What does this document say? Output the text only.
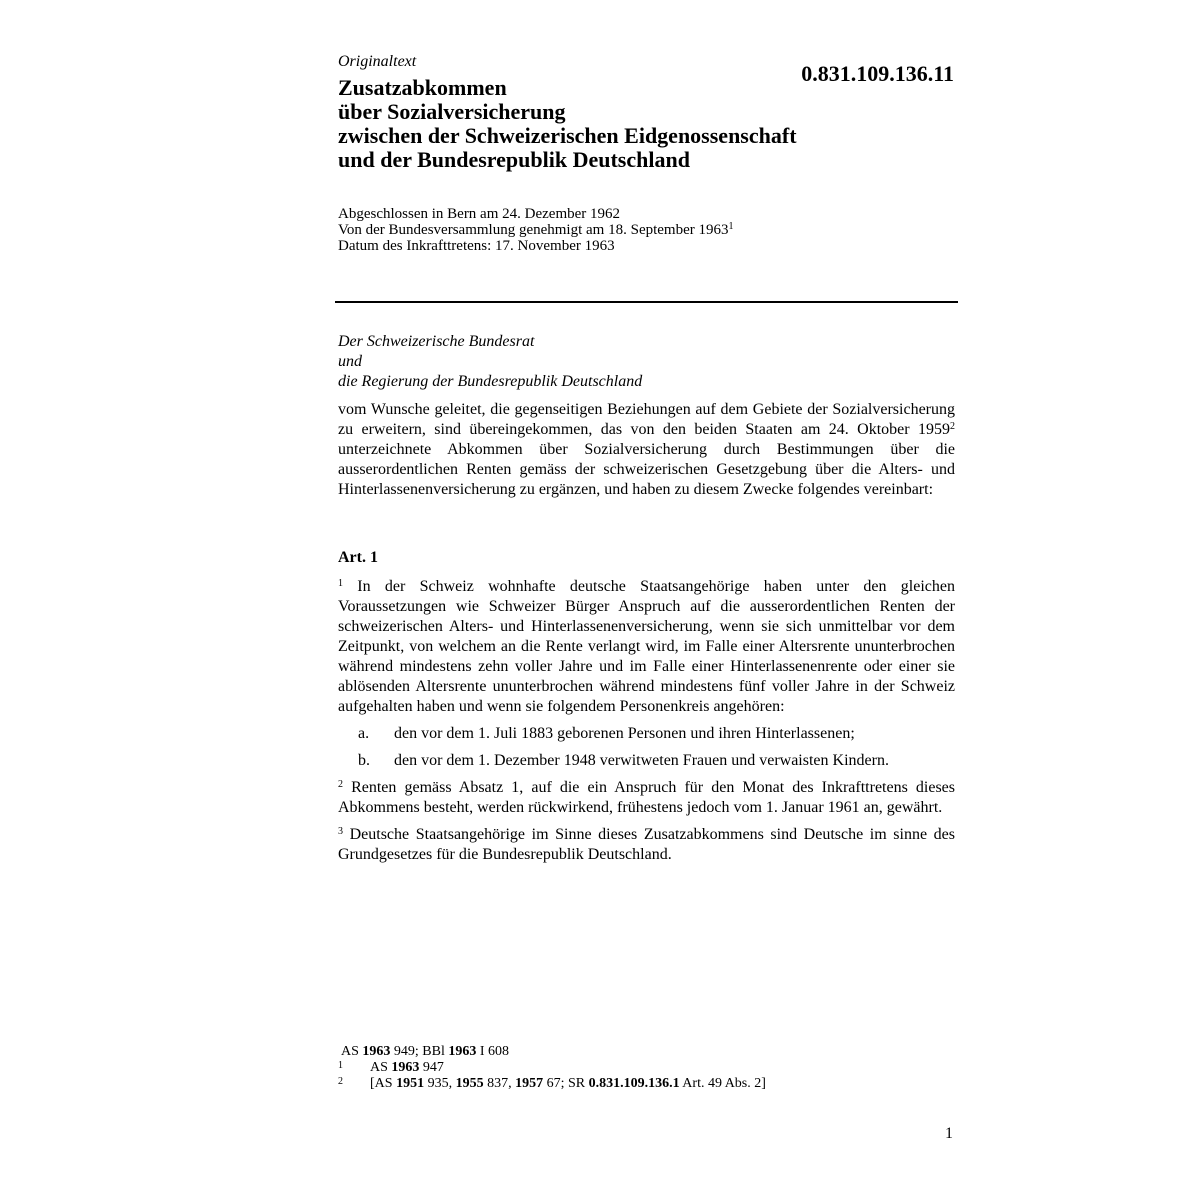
Originaltext	0.831.109.136.11
Zusatzabkommen
über Sozialversicherung
zwischen der Schweizerischen Eidgenossenschaft
und der Bundesrepublik Deutschland
Abgeschlossen in Bern am 24. Dezember 1962
Von der Bundesversammlung genehmigt am 18. September 1963$^1$
Datum des Inkrafttretens: 17. November 1963
Der Schweizerische Bundesrat
und
die Regierung der Bundesrepublik Deutschland
vom Wunsche geleitet, die gegenseitigen Beziehungen auf dem Gebiete der Sozialversicherung zu erweitern, sind übereingekommen, das von den beiden Staaten am 24. Oktober 1959$^2$ unterzeichnete Abkommen über Sozialversicherung durch Bestimmungen über die ausserordentlichen Renten gemäss der schweizerischen Gesetzgebung über die Alters- und Hinterlassenenversicherung zu ergänzen, und haben zu diesem Zwecke folgendes vereinbart:
Art. 1

$^1$ In der Schweiz wohnhafte deutsche Staatsangehörige haben unter den gleichen Voraussetzungen wie Schweizer Bürger Anspruch auf die ausserordentlichen Renten der schweizerischen Alters- und Hinterlassenenversicherung, wenn sie sich unmittelbar vor dem Zeitpunkt, von welchem an die Rente verlangt wird, im Falle einer Altersrente ununterbrochen während mindestens zehn voller Jahre und im Falle einer Hinterlassenenrente oder einer sie ablösenden Altersrente ununterbrochen während mindestens fünf voller Jahre in der Schweiz aufgehalten haben und wenn sie folgendem Personenkreis angehören:

a.	den vor dem 1. Juli 1883 geborenen Personen und ihren Hinterlassenen;
b.	den vor dem 1. Dezember 1948 verwitweten Frauen und verwaisten Kindern.

$^2$ Renten gemäss Absatz 1, auf die ein Anspruch für den Monat des Inkrafttretens dieses Abkommens besteht, werden rückwirkend, frühestens jedoch vom 1. Januar 1961 an, gewährt.

$^3$ Deutsche Staatsangehörige im Sinne dieses Zusatzabkommens sind Deutsche im sinne des Grundgesetzes für die Bundesrepublik Deutschland.

AS 1963 949; BBl 1963 I 608
1	AS 1963 947
2	[AS 1951 935, 1955 837, 1957 67; SR 0.831.109.136.1 Art. 49 Abs. 2]
1
